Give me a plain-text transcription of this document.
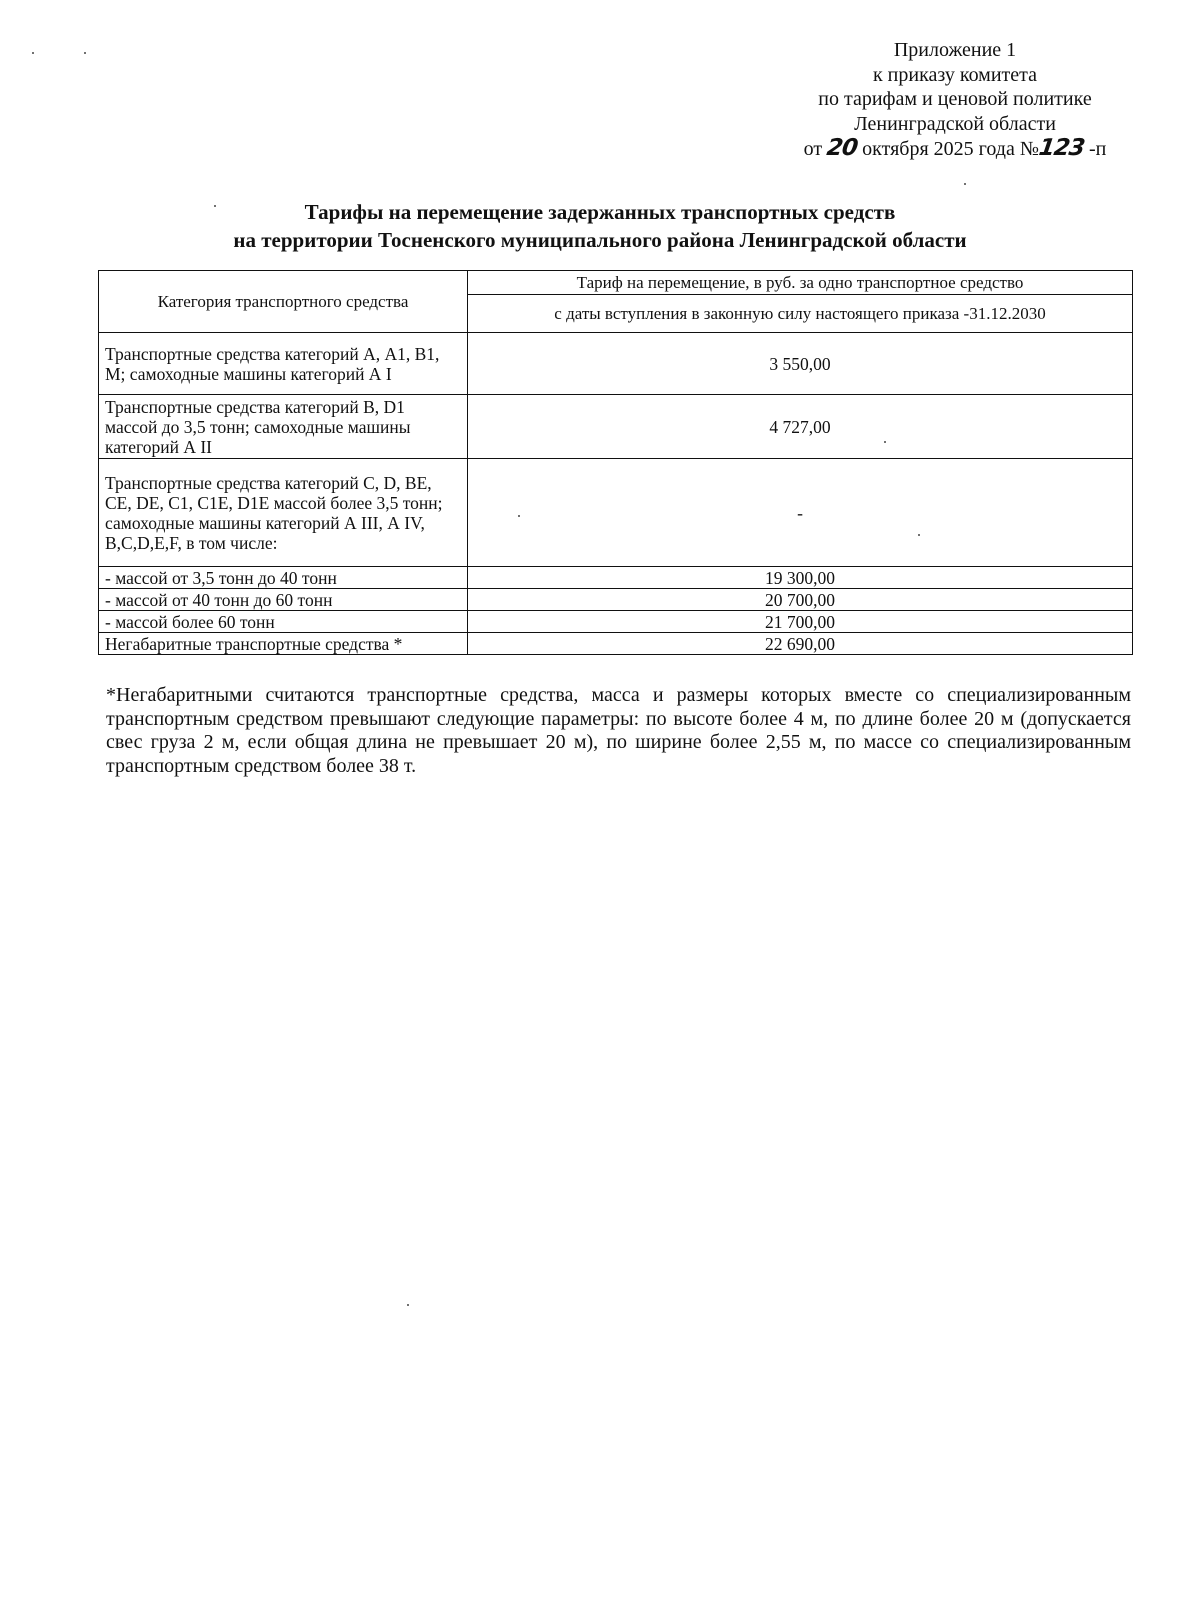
Приложение 1
к приказу комитета
по тарифам и ценовой политике
Ленинградской области
от 20 октября 2025 года №123 -п
Тарифы на перемещение задержанных транспортных средств
на территории Тосненского муниципального района Ленинградской области
Категория транспортного средства	Тариф на перемещение, в руб. за одно транспортное средство
	с даты вступления в законную силу настоящего приказа -31.12.2030
Транспортные средства категорий А, А1, В1, М; самоходные машины категорий А I	3 550,00
Транспортные средства категорий В, D1 массой до 3,5 тонн; самоходные машины категорий А II	4 727,00
Транспортные средства категорий С, D, BE, CE, DE, C1, C1E, D1E массой более 3,5 тонн; самоходные машины категорий А III, А IV, B,C,D,E,F, в том числе:	-
- массой от 3,5 тонн до 40 тонн	19 300,00
- массой от 40 тонн до 60 тонн	20 700,00
- массой более 60 тонн	21 700,00
Негабаритные транспортные средства *	22 690,00
*Негабаритными считаются транспортные средства, масса и размеры которых вместе со специализированным транспортным средством превышают следующие параметры: по высоте более 4 м, по длине более 20 м (допускается свес груза 2 м, если общая длина не превышает 20 м), по ширине более 2,55 м, по массе со специализированным транспортным средством более 38 т.
